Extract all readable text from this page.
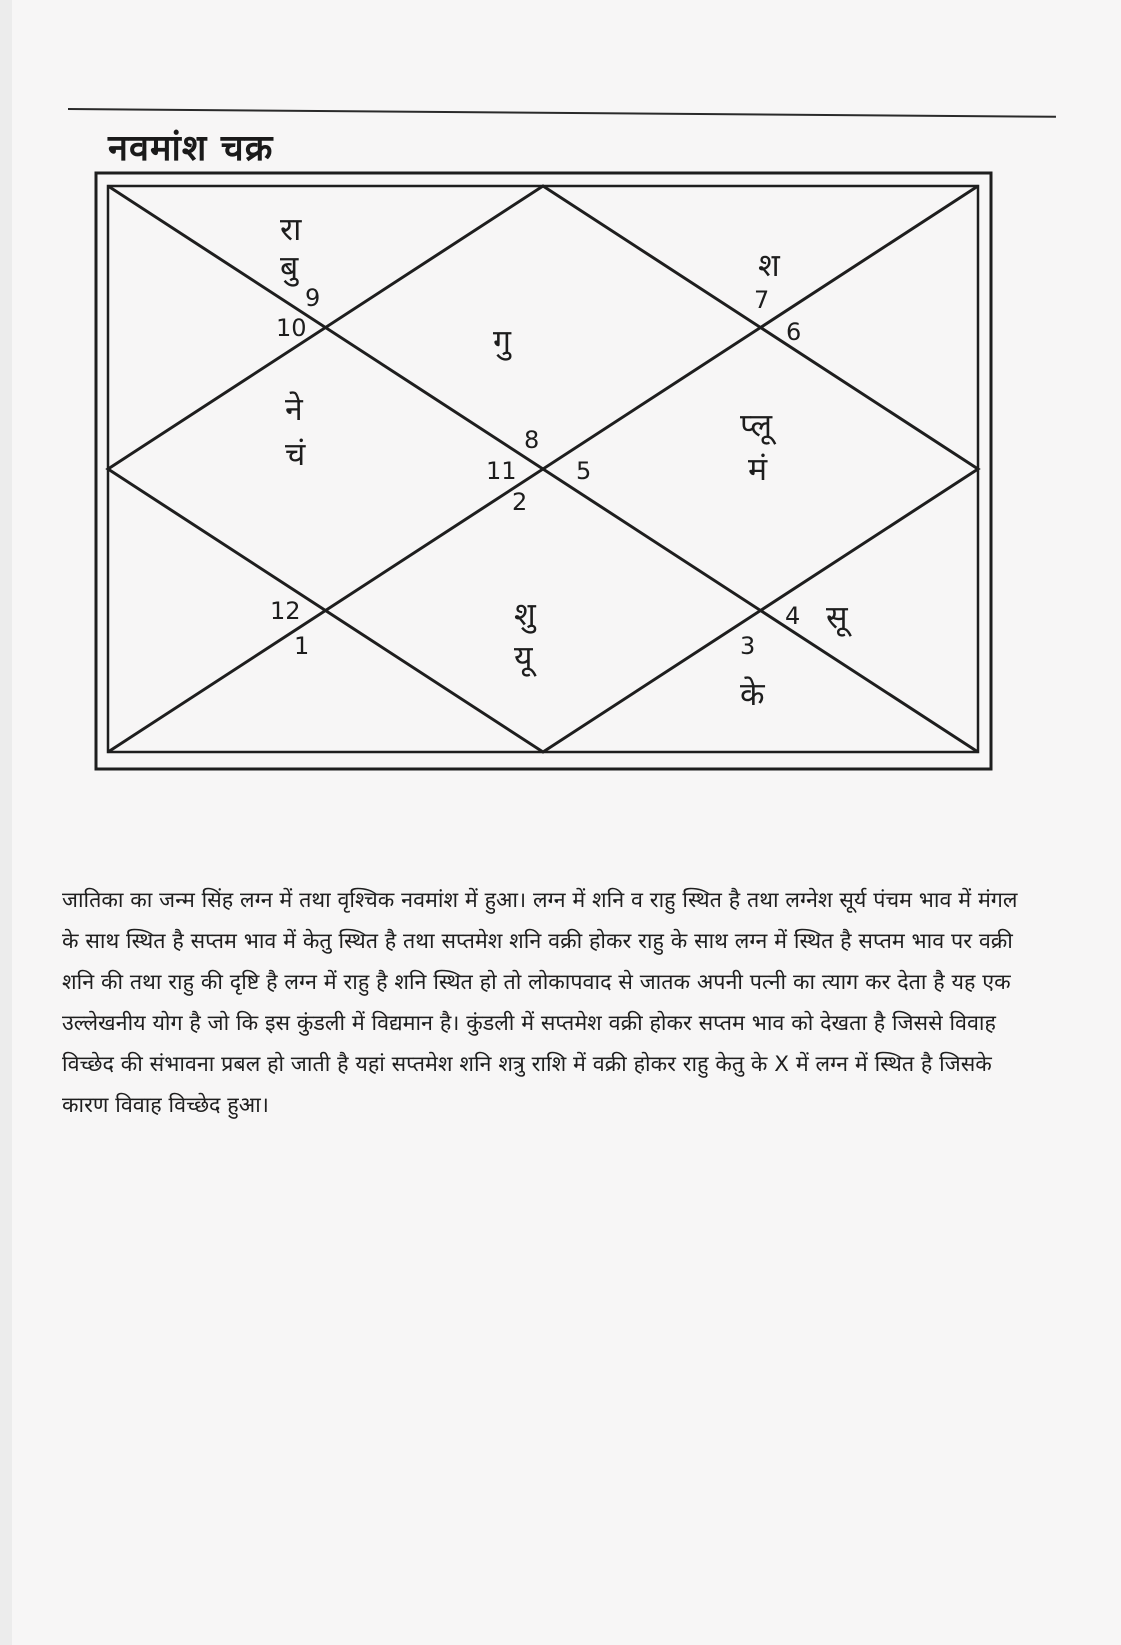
नवमांश चक्र
गु
रा
बु
ने
चं
शु
यू
के
सू
प्लू
मं
श
8
9
10
11
12
1
2
3
4
5
6
7

जातिका का जन्म सिंह लग्न में तथा वृश्चिक नवमांश में हुआ। लग्न में शनि व राहु स्थित है तथा लग्नेश सूर्य पंचम भाव में मंगल के साथ स्थित है सप्तम भाव में केतु स्थित है तथा सप्तमेश शनि वक्री होकर राहु के साथ लग्न में स्थित है सप्तम भाव पर वक्री शनि की तथा राहु की दृष्टि है लग्न में राहु है शनि स्थित हो तो लोकापवाद से जातक अपनी पत्नी का त्याग कर देता है यह एक उल्लेखनीय योग है जो कि इस कुंडली में विद्यमान है। कुंडली में सप्तमेश वक्री होकर सप्तम भाव को देखता है जिससे विवाह विच्छेद की संभावना प्रबल हो जाती है यहां सप्तमेश शनि शत्रु राशि में वक्री होकर राहु केतु के X में लग्न में स्थित है जिसके कारण विवाह विच्छेद हुआ।
